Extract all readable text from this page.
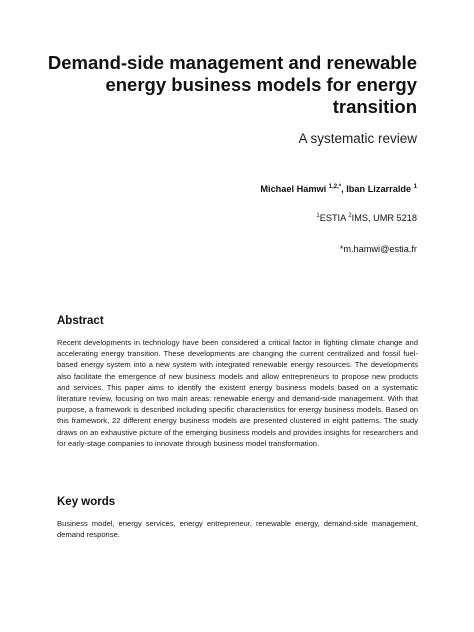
Demand-side management and renewable energy business models for energy transition
A systematic review
Michael Hamwi $^{1,2,*}$, Iban Lizarralde $^1$
$^1$ESTIA $^2$IMS, UMR 5218
*m.hamwi@estia.fr
Abstract
Recent developments in technology have been considered a critical factor in fighting climate change and accelerating energy transition. These developments are changing the current centralized and fossil fuel-based energy system into a new system with integrated renewable energy resources. The developments also facilitate the emergence of new business models and allow entrepreneurs to propose new products and services. This paper aims to identify the existent energy business models based on a systematic literature review, focusing on two main areas: renewable energy and demand-side management. With that purpose, a framework is described including specific characteristics for energy business models. Based on this framework, 22 different energy business models are presented clustered in eight patterns. The study draws on an exhaustive picture of the emerging business models and provides insights for researchers and for early-stage companies to innovate through business model transformation.
Key words
Business model, energy services, energy entrepreneur, renewable energy, demand-side management, demand response.
